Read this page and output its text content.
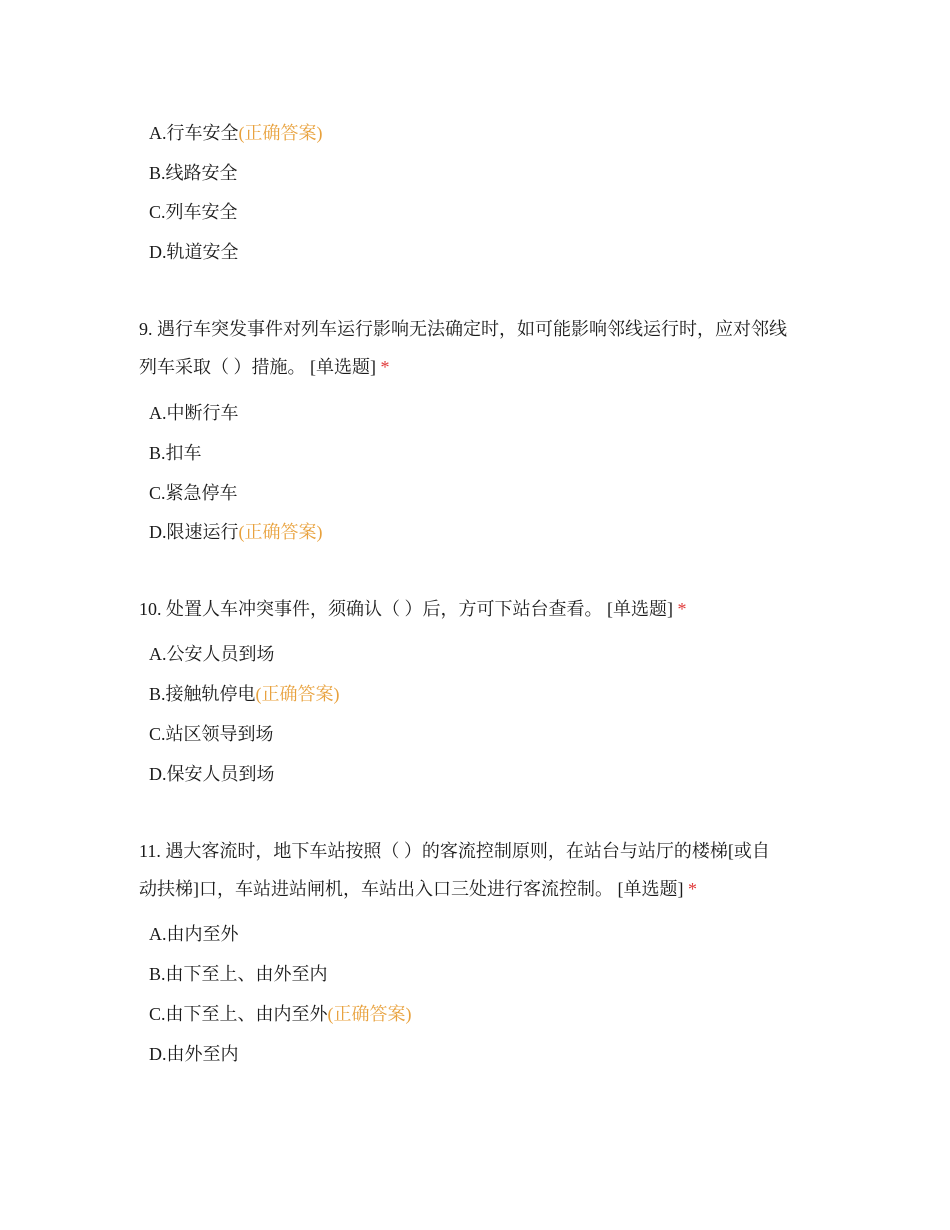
A.行车安全(正确答案)
B.线路安全
C.列车安全
D.轨道安全
9. 遇行车突发事件对列车运行影响无法确定时，如可能影响邻线运行时，应对邻线
列车采取（ ）措施。 [单选题] *
A.中断行车
B.扣车
C.紧急停车
D.限速运行(正确答案)
10. 处置人车冲突事件，须确认（ ）后，方可下站台查看。 [单选题] *
A.公安人员到场
B.接触轨停电(正确答案)
C.站区领导到场
D.保安人员到场
11. 遇大客流时，地下车站按照（ ）的客流控制原则，在站台与站厅的楼梯[或自
动扶梯]口，车站进站闸机，车站出入口三处进行客流控制。 [单选题] *
A.由内至外
B.由下至上、由外至内
C.由下至上、由内至外(正确答案)
D.由外至内
